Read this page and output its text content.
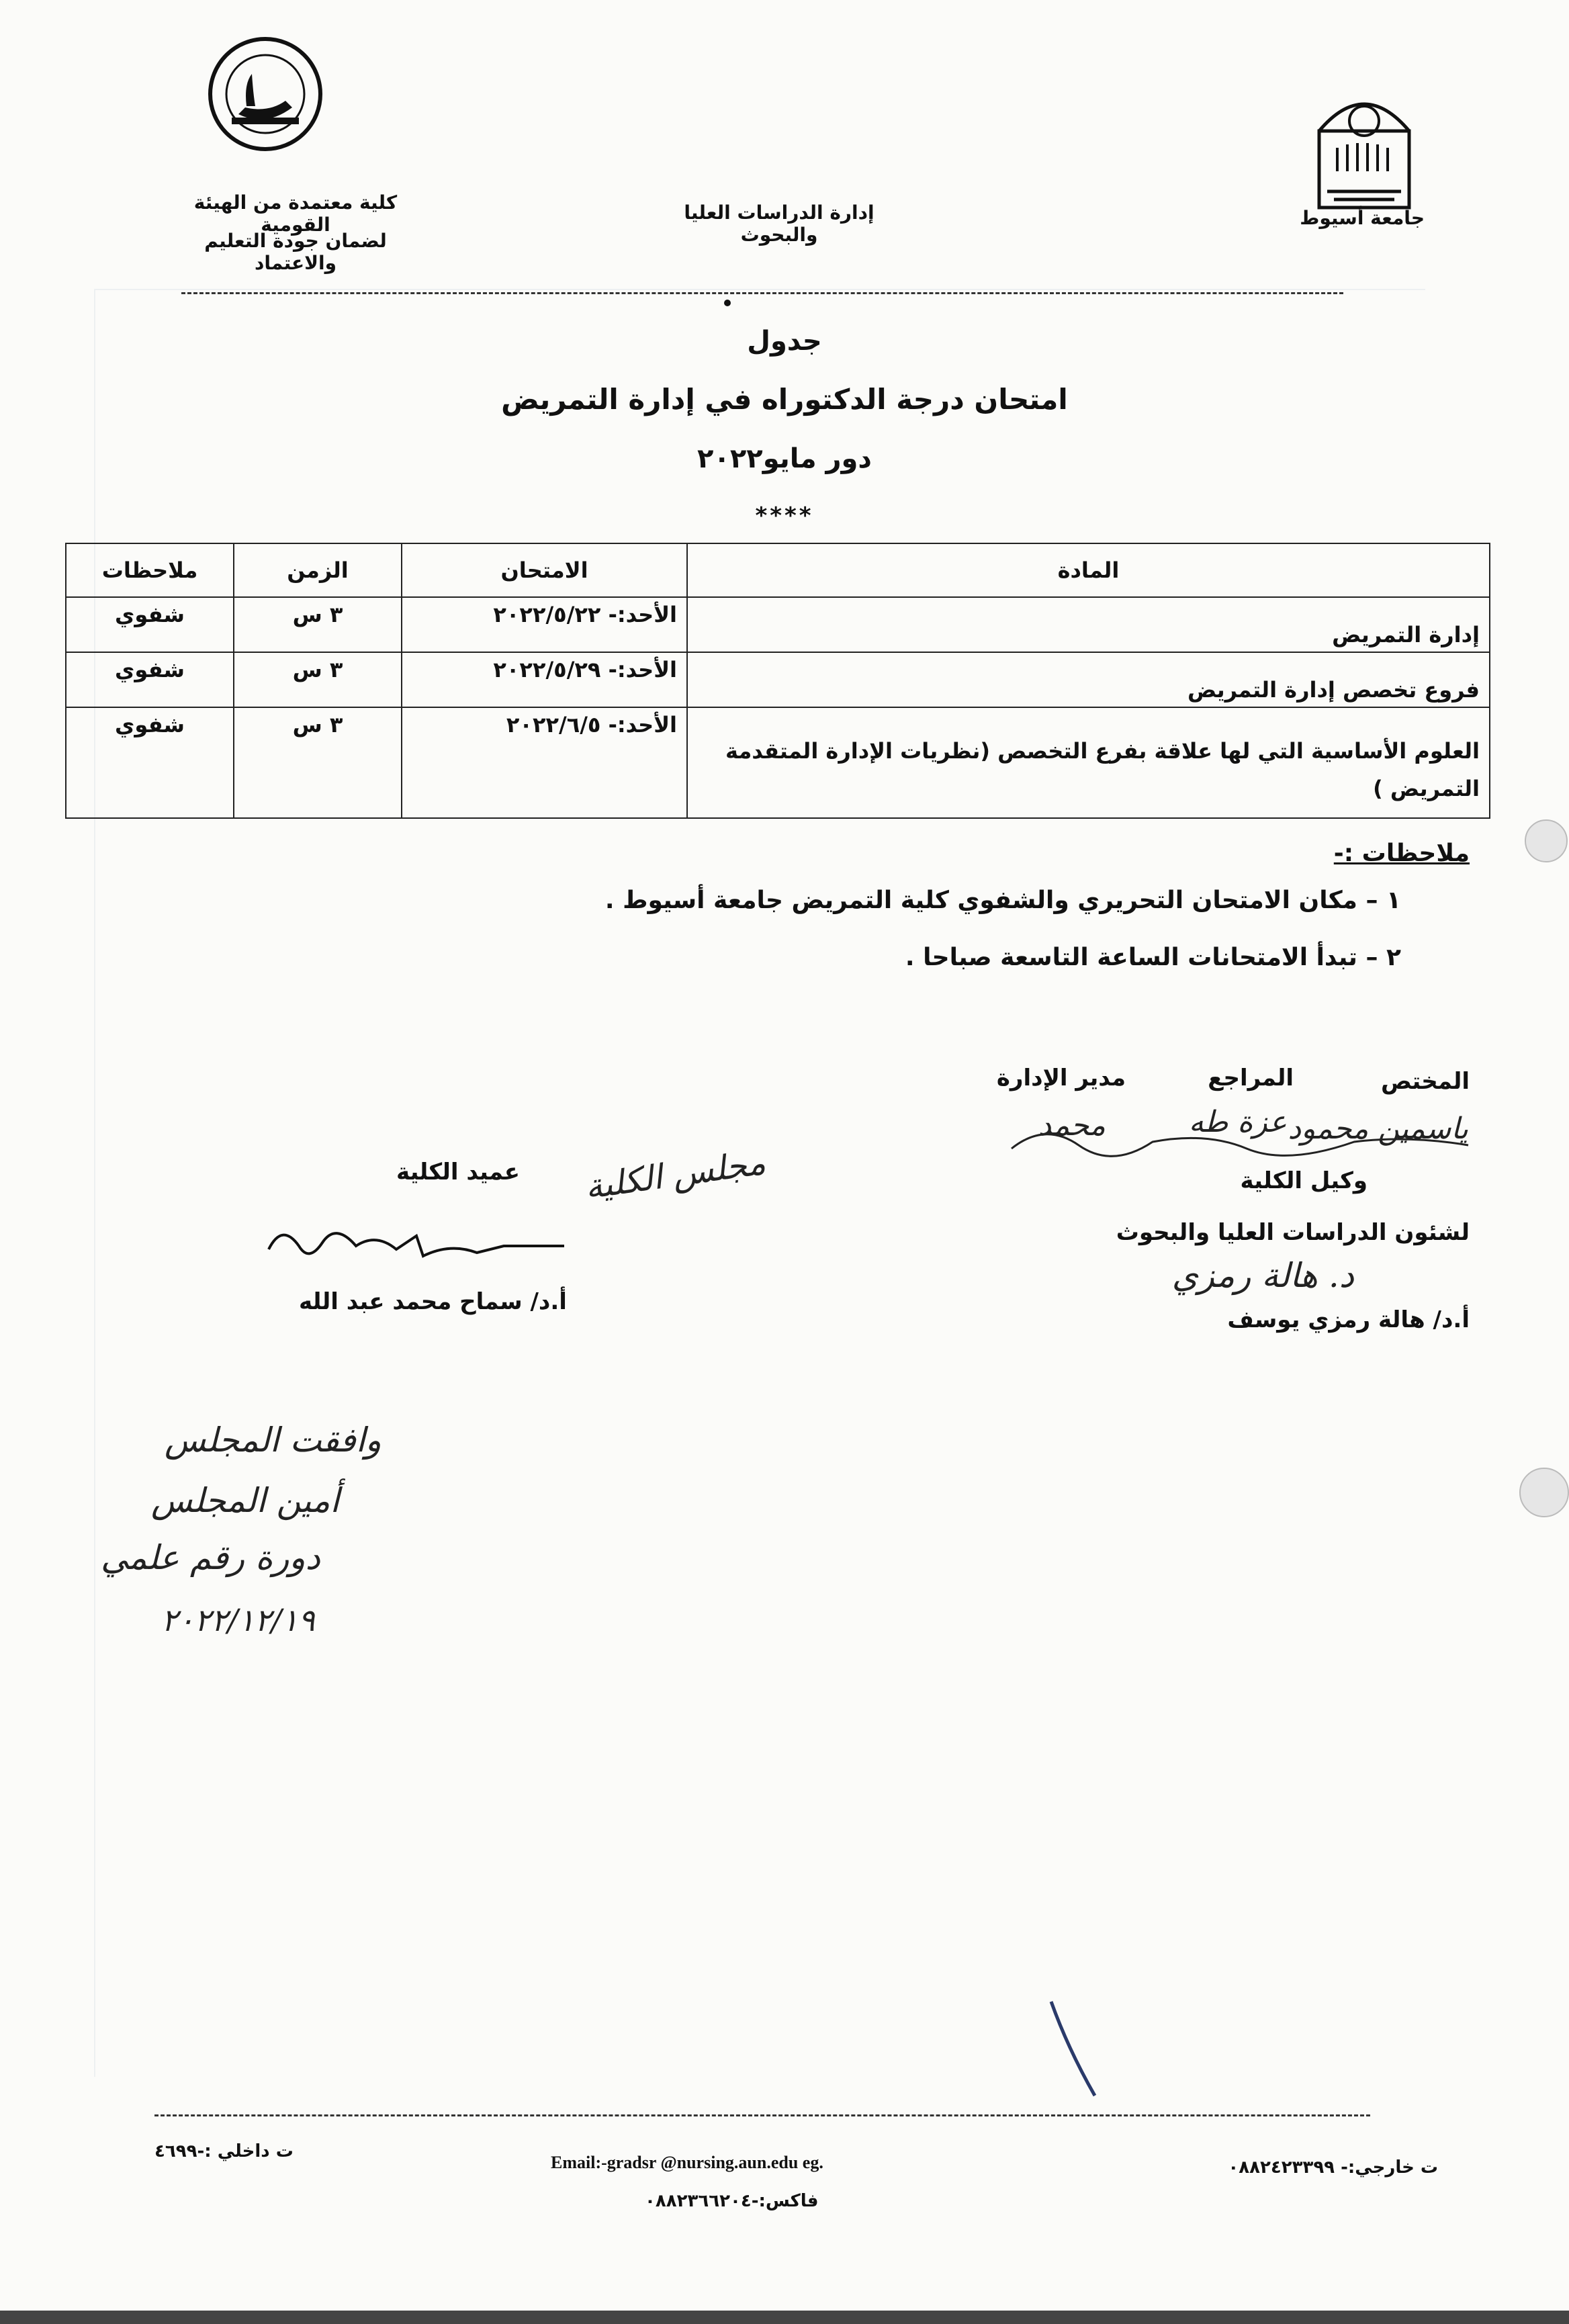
جامعة أسيوط
إدارة الدراسات العليا والبحوث
كلية معتمدة من الهيئة القومية
لضمان جودة التعليم والاعتماد
جدول
امتحان درجة الدكتوراه في إدارة التمريض
دور مايو٢٠٢٢
****
المادة	الامتحان	الزمن	ملاحظات
إدارة التمريض	الأحد:- ٢٠٢٢/٥/٢٢	٣ س	شفوي
فروع تخصص إدارة التمريض	الأحد:- ٢٠٢٢/٥/٢٩	٣ س	شفوي
العلوم الأساسية التي لها علاقة بفرع التخصص (نظريات الإدارة المتقدمة التمريض )	الأحد:- ٢٠٢٢/٦/٥	٣ س	شفوي
ملاحظات :-
١ – مكان الامتحان التحريري والشفوي كلية التمريض جامعة أسيوط .
٢ – تبدأ الامتحانات الساعة التاسعة صباحا .
المختص
المراجع
مدير الإدارة
ياسمين محمود
عزة طه
محمد
وكيل الكلية
لشئون الدراسات العليا والبحوث
د. هالة رمزي
أ.د/ هالة رمزي يوسف
عميد الكلية مجلس الكلية
أ.د/ سماح محمد عبد الله
وافقت المجلس
أمين المجلس
دورة رقم علمي
٢٠٢٢/١٢/١٩
ت داخلي :-٤٦٩٩
Email:-gradsr @nursing.aun.edu eg.	ت خارجي:- ٠٨٨٢٤٢٣٣٩٩
فاكس:-٠٨٨٢٣٦٦٢٠٤
